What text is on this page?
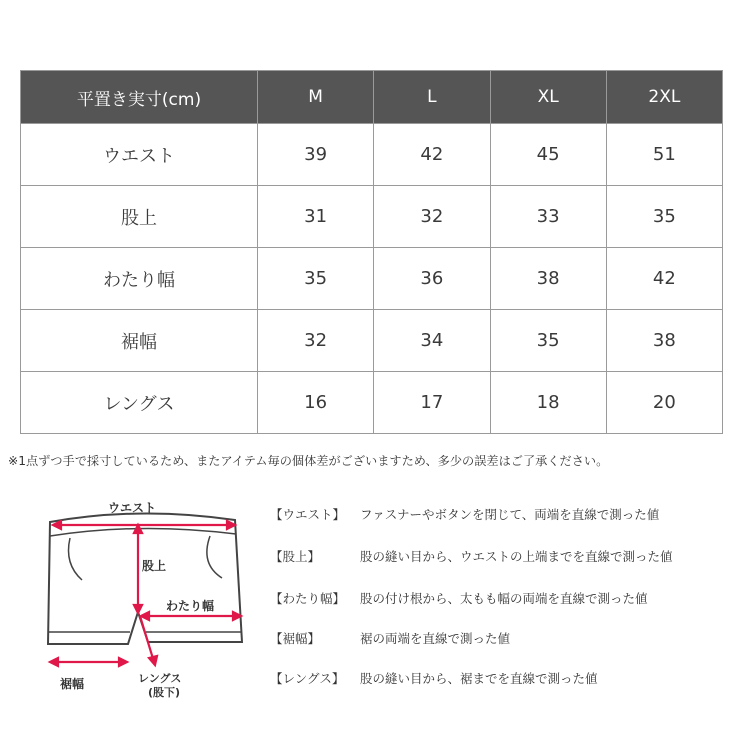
平置き実寸(cm)	M	L	XL	2XL
ウエスト	39	42	45	51
股上	31	32	33	35
わたり幅	35	36	38	42
裾幅	32	34	35	38
レングス	16	17	18	20
※1点ずつ手で採寸しているため、またアイテム毎の個体差がございますため、多少の誤差はご了承ください。
ウエスト
股上
わたり幅
裾幅	レングス
(股下)
【ウエスト】 ファスナーやボタンを閉じて、両端を直線で測った値
【股上】	股の縫い目から、ウエストの上端までを直線で測った値
【わたり幅】 股の付け根から、太もも幅の両端を直線で測った値
【裾幅】	裾の両端を直線で測った値
【レングス】 股の縫い目から、裾までを直線で測った値
